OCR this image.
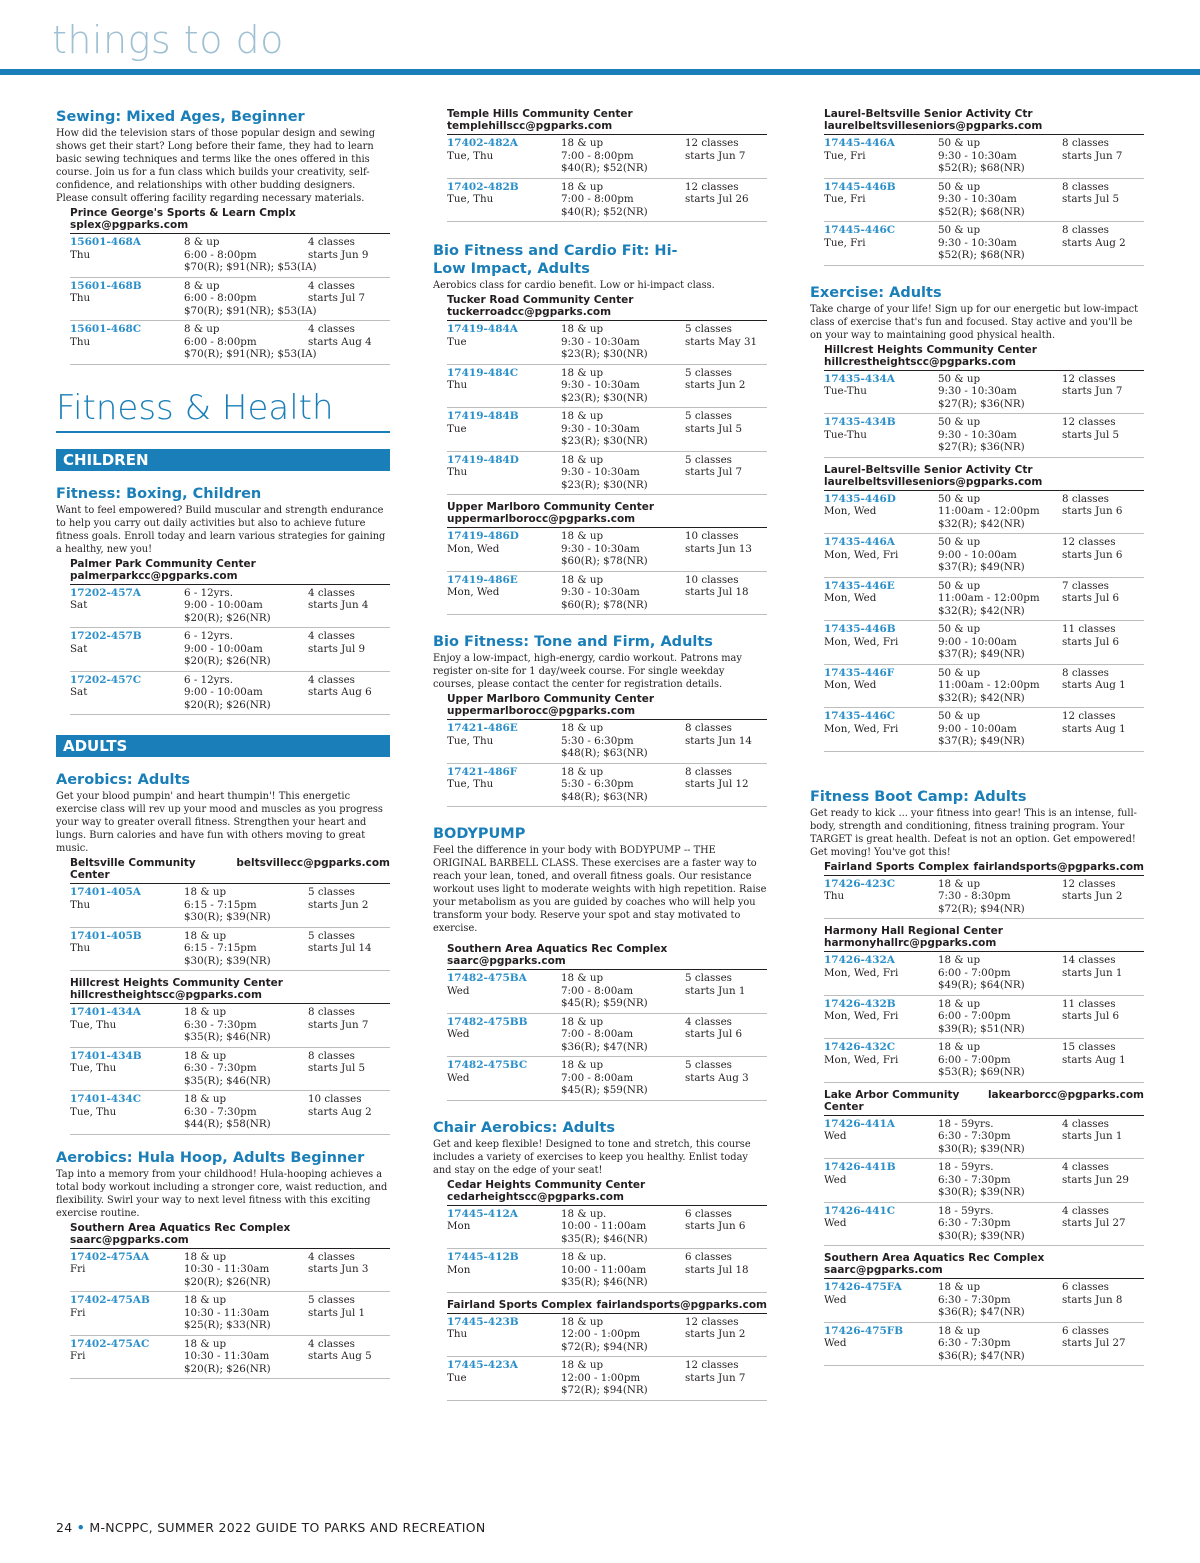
things to do
Sewing: Mixed Ages, Beginner
How did the television stars of those popular design and sewing shows get their start? Long before their fame, they had to learn basic sewing techniques and terms like the ones offered in this course. Join us for a fun class which builds your creativity, self-confidence, and relationships with other budding designers. Please consult offering facility regarding necessary materials.
Prince George's Sports & Learn Cmplx
splex@pgparks.com
15601-468A	8 & up	4 classes
Thu	6:00 - 8:00pm	starts Jun 9
$70(R); $91(NR); $53(IA)
15601-468B	8 & up	4 classes
Thu	6:00 - 8:00pm	starts Jul 7
$70(R); $91(NR); $53(IA)
15601-468C	8 & up	4 classes
Thu	6:00 - 8:00pm	starts Aug 4
$70(R); $91(NR); $53(IA)
Fitness & Health
CHILDREN
Fitness: Boxing, Children
Want to feel empowered? Build muscular and strength endurance to help you carry out daily activities but also to achieve future fitness goals. Enroll today and learn various strategies for gaining a healthy, new you!
Palmer Park Community Center
palmerparkcc@pgparks.com
17202-457A	6 - 12yrs.	4 classes
Sat	9:00 - 10:00am	starts Jun 4
$20(R); $26(NR)
17202-457B	6 - 12yrs.	4 classes
Sat	9:00 - 10:00am	starts Jul 9
$20(R); $26(NR)
17202-457C	6 - 12yrs.	4 classes
Sat	9:00 - 10:00am	starts Aug 6
$20(R); $26(NR)
ADULTS
Aerobics: Adults
Get your blood pumpin' and heart thumpin'! This energetic exercise class will rev up your mood and muscles as you progress your way to greater overall fitness. Strengthen your heart and lungs. Burn calories and have fun with others moving to great music.
Beltsville Community Center
beltsvillecc@pgparks.com
17401-405A	18 & up	5 classes
Thu	6:15 - 7:15pm	starts Jun 2
$30(R); $39(NR)
17401-405B	18 & up	5 classes
Thu	6:15 - 7:15pm	starts Jul 14
$30(R); $39(NR)
Hillcrest Heights Community Center
hillcrestheightscc@pgparks.com
17401-434A	18 & up	8 classes
Tue, Thu	6:30 - 7:30pm	starts Jun 7
$35(R); $46(NR)
17401-434B	18 & up	8 classes
Tue, Thu	6:30 - 7:30pm	starts Jul 5
$35(R); $46(NR)
17401-434C	18 & up	10 classes
Tue, Thu	6:30 - 7:30pm	starts Aug 2
$44(R); $58(NR)
Aerobics: Hula Hoop, Adults Beginner
Tap into a memory from your childhood! Hula-hooping achieves a total body workout including a stronger core, waist reduction, and flexibility. Swirl your way to next level fitness with this exciting exercise routine.
Southern Area Aquatics Rec Complex
saarc@pgparks.com
17402-475AA	18 & up	4 classes
Fri	10:30 - 11:30am	starts Jun 3
$20(R); $26(NR)
17402-475AB	18 & up	5 classes
Fri	10:30 - 11:30am	starts Jul 1
$25(R); $33(NR)
17402-475AC	18 & up	4 classes
Fri	10:30 - 11:30am	starts Aug 5
$20(R); $26(NR)
Temple Hills Community Center
templehillscc@pgparks.com
17402-482A	18 & up	12 classes
Tue, Thu	7:00 - 8:00pm	starts Jun 7
$40(R); $52(NR)
17402-482B	18 & up	12 classes
Tue, Thu	7:00 - 8:00pm	starts Jul 26
$40(R); $52(NR)
Bio Fitness and Cardio Fit: Hi-
Low Impact, Adults
Aerobics class for cardio benefit. Low or hi-impact class.
Tucker Road Community Center
tuckerroadcc@pgparks.com
17419-484A	18 & up	5 classes
Tue	9:30 - 10:30am	starts May 31
$23(R); $30(NR)
17419-484C	18 & up	5 classes
Thu	9:30 - 10:30am	starts Jun 2
$23(R); $30(NR)
17419-484B	18 & up	5 classes
Tue	9:30 - 10:30am	starts Jul 5
$23(R); $30(NR)
17419-484D	18 & up	5 classes
Thu	9:30 - 10:30am	starts Jul 7
$23(R); $30(NR)
Upper Marlboro Community Center
uppermarlborocc@pgparks.com
17419-486D	18 & up	10 classes
Mon, Wed	9:30 - 10:30am	starts Jun 13
$60(R); $78(NR)
17419-486E	18 & up	10 classes
Mon, Wed	9:30 - 10:30am	starts Jul 18
$60(R); $78(NR)
Bio Fitness: Tone and Firm, Adults
Enjoy a low-impact, high-energy, cardio workout. Patrons may register on-site for 1 day/week course. For single weekday courses, please contact the center for registration details.
Upper Marlboro Community Center
uppermarlborocc@pgparks.com
17421-486E	18 & up	8 classes
Tue, Thu	5:30 - 6:30pm	starts Jun 14
$48(R); $63(NR)
17421-486F	18 & up	8 classes
Tue, Thu	5:30 - 6:30pm	starts Jul 12
$48(R); $63(NR)
BODYPUMP
Feel the difference in your body with BODYPUMP -- THE ORIGINAL BARBELL CLASS. These exercises are a faster way to reach your lean, toned, and overall fitness goals. Our resistance workout uses light to moderate weights with high repetition. Raise your metabolism as you are guided by coaches who will help you transform your body. Reserve your spot and stay motivated to exercise.
Southern Area Aquatics Rec Complex
saarc@pgparks.com
17482-475BA	18 & up	5 classes
Wed	7:00 - 8:00am	starts Jun 1
$45(R); $59(NR)
17482-475BB	18 & up	4 classes
Wed	7:00 - 8:00am	starts Jul 6
$36(R); $47(NR)
17482-475BC	18 & up	5 classes
Wed	7:00 - 8:00am	starts Aug 3
$45(R); $59(NR)
Chair Aerobics: Adults
Get and keep flexible! Designed to tone and stretch, this course includes a variety of exercises to keep you healthy. Enlist today and stay on the edge of your seat!
Cedar Heights Community Center
cedarheightscc@pgparks.com
17445-412A	18 & up.	6 classes
Mon	10:00 - 11:00am	starts Jun 6
$35(R); $46(NR)
17445-412B	18 & up.	6 classes
Mon	10:00 - 11:00am	starts Jul 18
$35(R); $46(NR)
Fairland Sports Complex fairlandsports@pgparks.com
17445-423B	18 & up	12 classes
Thu	12:00 - 1:00pm	starts Jun 2
$72(R); $94(NR)
17445-423A	18 & up	12 classes
Tue	12:00 - 1:00pm	starts Jun 7
$72(R); $94(NR)
Laurel-Beltsville Senior Activity Ctr
laurelbeltsvilleseniors@pgparks.com
17445-446A	50 & up	8 classes
Tue, Fri	9:30 - 10:30am	starts Jun 7
$52(R); $68(NR)
17445-446B	50 & up	8 classes
Tue, Fri	9:30 - 10:30am	starts Jul 5
$52(R); $68(NR)
17445-446C	50 & up	8 classes
Tue, Fri	9:30 - 10:30am	starts Aug 2
$52(R); $68(NR)
Exercise: Adults
Take charge of your life! Sign up for our energetic but low-impact class of exercise that's fun and focused. Stay active and you'll be on your way to maintaining good physical health.
Hillcrest Heights Community Center
hillcrestheightscc@pgparks.com
17435-434A	50 & up	12 classes
Tue-Thu	9:30 - 10:30am	starts Jun 7
$27(R); $36(NR)
17435-434B	50 & up	12 classes
Tue-Thu	9:30 - 10:30am	starts Jul 5
$27(R); $36(NR)
Laurel-Beltsville Senior Activity Ctr
laurelbeltsvilleseniors@pgparks.com
17435-446D	50 & up	8 classes
Mon, Wed	11:00am - 12:00pm	starts Jun 6
$32(R); $42(NR)
17435-446A	50 & up	12 classes
Mon, Wed, Fri	9:00 - 10:00am	starts Jun 6
$37(R); $49(NR)
17435-446E	50 & up	7 classes
Mon, Wed	11:00am - 12:00pm	starts Jul 6
$32(R); $42(NR)
17435-446B	50 & up	11 classes
Mon, Wed, Fri	9:00 - 10:00am	starts Jul 6
$37(R); $49(NR)
17435-446F	50 & up	8 classes
Mon, Wed	11:00am - 12:00pm	starts Aug 1
$32(R); $42(NR)
17435-446C	50 & up	12 classes
Mon, Wed, Fri	9:00 - 10:00am	starts Aug 1
$37(R); $49(NR)
Fitness Boot Camp: Adults
Get ready to kick ... your fitness into gear! This is an intense, full-body, strength and conditioning, fitness training program. Your TARGET is great health. Defeat is not an option. Get empowered! Get moving! You've got this!
Fairland Sports Complex fairlandsports@pgparks.com
17426-423C	18 & up	12 classes
Thu	7:30 - 8:30pm	starts Jun 2
$72(R); $94(NR)
Harmony Hall Regional Center
harmonyhallrc@pgparks.com
17426-432A	18 & up	14 classes
Mon, Wed, Fri	6:00 - 7:00pm	starts Jun 1
$49(R); $64(NR)
17426-432B	18 & up	11 classes
Mon, Wed, Fri	6:00 - 7:00pm	starts Jul 6
$39(R); $51(NR)
17426-432C	18 & up	15 classes
Mon, Wed, Fri	6:00 - 7:00pm	starts Aug 1
$53(R); $69(NR)
Lake Arbor Community Center
lakearborcc@pgparks.com
17426-441A	18 - 59yrs.	4 classes
Wed	6:30 - 7:30pm	starts Jun 1
$30(R); $39(NR)
17426-441B	18 - 59yrs.	4 classes
Wed	6:30 - 7:30pm	starts Jun 29
$30(R); $39(NR)
17426-441C	18 - 59yrs.	4 classes
Wed	6:30 - 7:30pm	starts Jul 27
$30(R); $39(NR)
Southern Area Aquatics Rec Complex
saarc@pgparks.com
17426-475FA	18 & up	6 classes
Wed	6:30 - 7:30pm	starts Jun 8
$36(R); $47(NR)
17426-475FB	18 & up	6 classes
Wed	6:30 - 7:30pm	starts Jul 27
$36(R); $47(NR)
24 • M-NCPPC, SUMMER 2022 GUIDE TO PARKS AND RECREATION
